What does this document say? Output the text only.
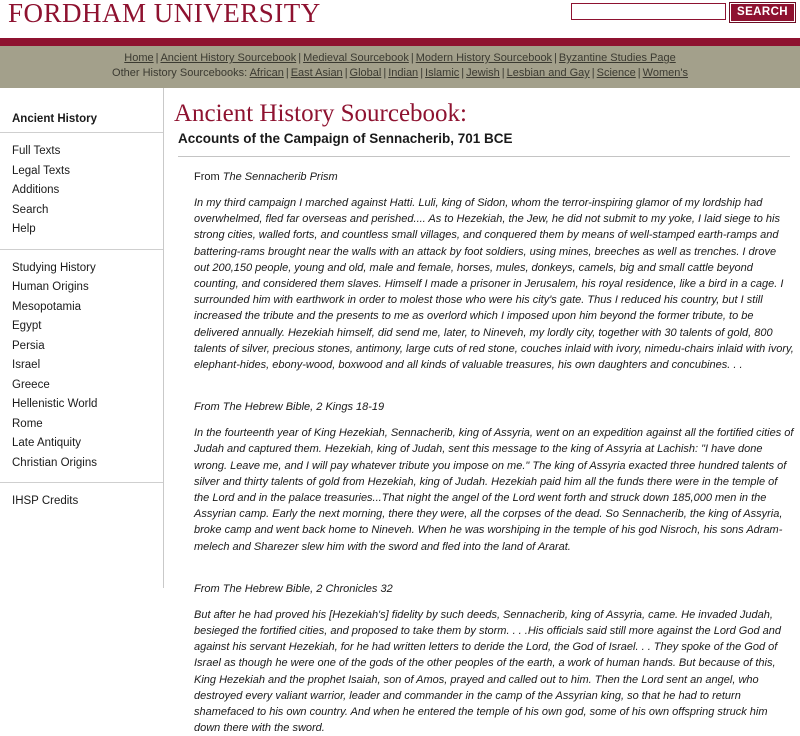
FORDHAM UNIVERSITY	SEARCH
Home | Ancient History Sourcebook | Medieval Sourcebook | Modern History Sourcebook | Byzantine Studies Page
Other History Sourcebooks: African | East Asian | Global | Indian | Islamic | Jewish | Lesbian and Gay | Science | Women's
Ancient History
Full Texts
Legal Texts
Additions
Search
Help
Studying History
Human Origins
Mesopotamia
Egypt
Persia
Israel
Greece
Hellenistic World
Rome
Late Antiquity
Christian Origins
IHSP Credits
Ancient History Sourcebook:
Accounts of the Campaign of Sennacherib, 701 BCE
From The Sennacherib Prism

In my third campaign I marched against Hatti. Luli, king of Sidon, whom the terror-inspiring glamor of my lordship had overwhelmed, fled far overseas and perished.... As to Hezekiah, the Jew, he did not submit to my yoke, I laid siege to his strong cities, walled forts, and countless small villages, and conquered them by means of well-stamped earth-ramps and battering-rams brought near the walls with an attack by foot soldiers, using mines, breeches as well as trenches. I drove out 200,150 people, young and old, male and female, horses, mules, donkeys, camels, big and small cattle beyond counting, and considered them slaves. Himself I made a prisoner in Jerusalem, his royal residence, like a bird in a cage. I surrounded him with earthwork in order to molest those who were his city's gate. Thus I reduced his country, but I still increased the tribute and the presents to me as overlord which I imposed upon him beyond the former tribute, to be delivered annually. Hezekiah himself, did send me, later, to Nineveh, my lordly city, together with 30 talents of gold, 800 talents of silver, precious stones, antimony, large cuts of red stone, couches inlaid with ivory, nimedu-chairs inlaid with ivory, elephant-hides, ebony-wood, boxwood and all kinds of valuable treasures, his own daughters and concubines. . .

From The Hebrew Bible, 2 Kings 18-19

In the fourteenth year of King Hezekiah, Sennacherib, king of Assyria, went on an expedition against all the fortified cities of Judah and captured them. Hezekiah, king of Judah, sent this message to the king of Assyria at Lachish: "I have done wrong. Leave me, and I will pay whatever tribute you impose on me." The king of Assyria exacted three hundred talents of silver and thirty talents of gold from Hezekiah, king of Judah. Hezekiah paid him all the funds there were in the temple of the Lord and in the palace treasuries...That night the angel of the Lord went forth and struck down 185,000 men in the Assyrian camp. Early the next morning, there they were, all the corpses of the dead. So Sennacherib, the king of Assyria, broke camp and went back home to Nineveh. When he was worshiping in the temple of his god Nisroch, his sons Adram-melech and Sharezer slew him with the sword and fled into the land of Ararat.

From The Hebrew Bible, 2 Chronicles 32

But after he had proved his [Hezekiah's] fidelity by such deeds, Sennacherib, king of Assyria, came. He invaded Judah, besieged the fortified cities, and proposed to take them by storm. . . .His officials said still more against the Lord God and against his servant Hezekiah, for he had written letters to deride the Lord, the God of Israel. . . They spoke of the God of Israel as though he were one of the gods of the other peoples of the earth, a work of human hands. But because of this, King Hezekiah and the prophet Isaiah, son of Amos, prayed and called out to him. Then the Lord sent an angel, who destroyed every valiant warrior, leader and commander in the camp of the Assyrian king, so that he had to return shamefaced to his own country. And when he entered the temple of his own god, some of his own offspring struck him down there with the sword.
